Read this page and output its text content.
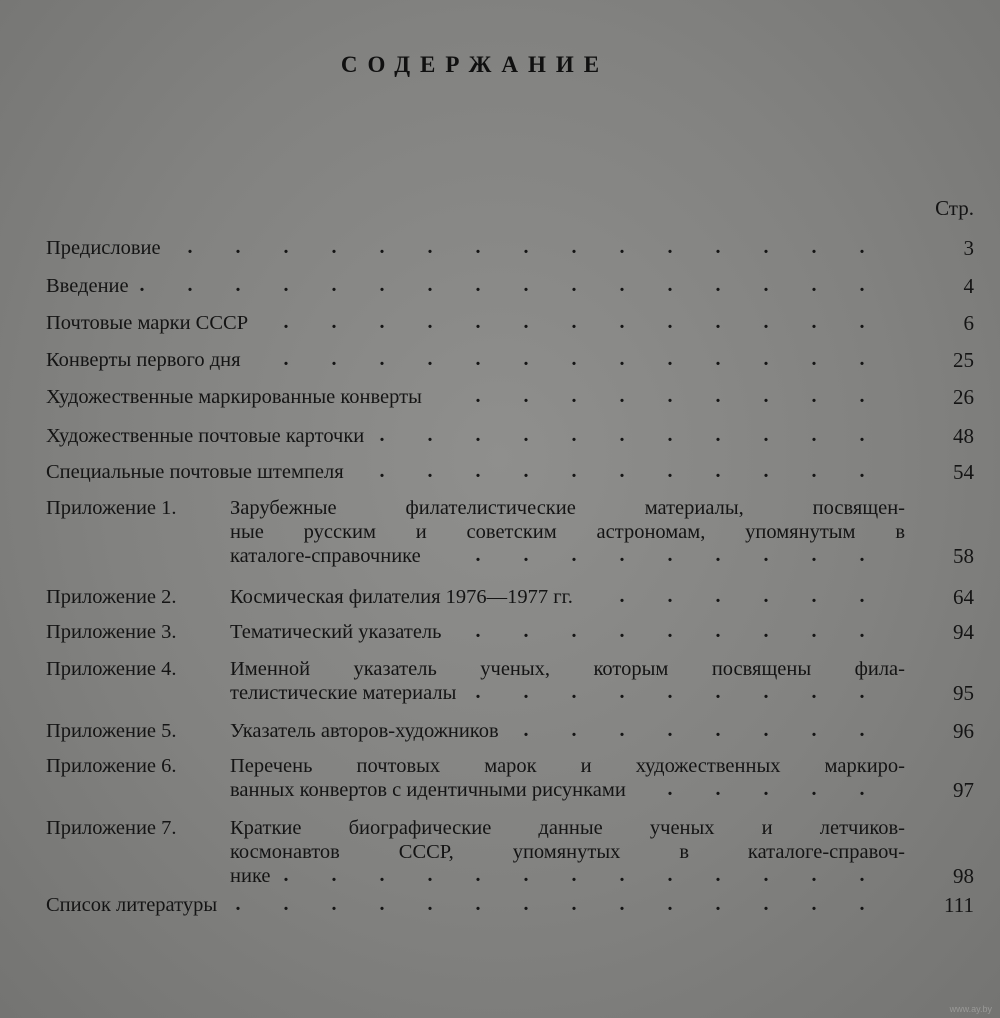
СОДЕРЖАНИЕ
Стр.
Предисловие	. . . . . . . . . . . . . . .	3
Введение . . . . . . . . . . . . . . . .	4
Почтовые марки СССР	. . . . . . . . . . . . .	6
Конверты первого дня	. . . . . . . . . . . . .	25
Художественные маркированные конверты	. . . . . . . . .	26
Художественные почтовые карточки . . . . . . . . . . .	48
Специальные почтовые штемпеля	. . . . . . . . . . .	54
Приложение 1.	Зарубежные филателистические материалы, посвящен-
ные русским и советским астрономам, упомянутым в
каталоге-справочнике	. . . . . . . . .	58
Приложение 2.	Космическая филателия 1976—1977 гг.	. . . . . .	64
Приложение 3.	Тематический указатель	. . . . . . . . .	94
Приложение 4.	Именной указатель ученых, которым посвящены фила-
телистические материалы . . . . . . . . .	95
Приложение 5.	Указатель авторов-художников	. . . . . . . .	96
Приложение 6.	Перечень почтовых марок и художественных маркиро-
ванных конвертов с идентичными рисунками	. . . . .	97
Приложение 7.	Краткие биографические данные ученых и летчиков-
космонавтов СССР, упомянутых в каталоге-справоч-
нике . . . . . . . . . . . . .	98
Список литературы . . . . . . . . . . . . . .	111
www.ay.by
